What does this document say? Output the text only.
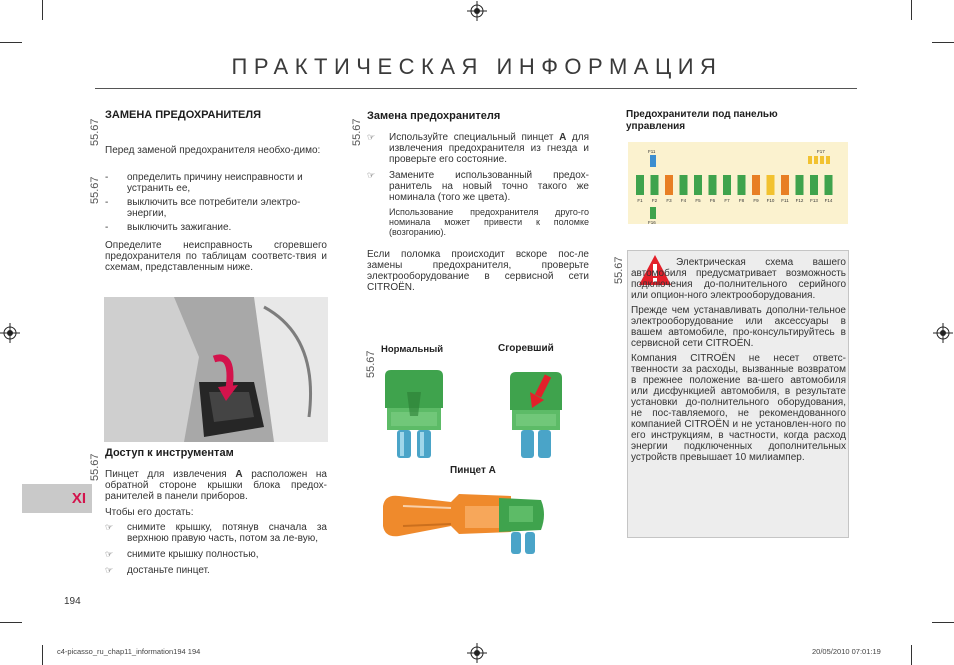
ПРАКТИЧЕСКАЯ ИНФОРМАЦИЯ
55.67
ЗАМЕНА ПРЕДОХРАНИТЕЛЯ
Перед заменой предохранителя необхо-димо:
55.67 - определить причину неисправности и устранить ее,
- выключить все потребители электро-энергии,
- выключить зажигание.
Определите неисправность сгоревшего предохранителя по таблицам соответс-твия и схемам, представленным ниже.
Доступ к инструментам
55.67 Пинцет для извлечения A расположен на обратной стороне крышки блока предох-ранителей в панели приборов.
Чтобы его достать:
☞ снимите крышку, потянув сначала за верхнюю правую часть, потом за ле-вую,
☞ снимите крышку полностью,
☞ достаньте пинцет.
XI
194
55.67
Замена предохранителя
☞ Используйте специальный пинцет A для извлечения предохранителя из гнезда и проверьте его состояние.
☞ Замените использованный предох-ранитель на новый точно такого же номинала (того же цвета).
Использование предохранителя друго-го номинала может привести к поломке (возгоранию).
Если поломка происходит вскоре пос-ле замены предохранителя, проверьте электрооборудование в сервисной сети CITROËN.
55.67
Нормальный	Сгоревший
Пинцет A
Предохранители под панелью управления
F1 F2 F3 F4 F5 F6 F7 F8 F9 F10 F11 F12 F13 F14
F11
F16
F17
Электрическая схема вашего автомобиля предусматривает возможность подключения до-полнительного серийного или опцион-ного электрооборудования.
Прежде чем устанавливать дополни-тельное электрооборудование или аксессуары в вашем автомобиле, про-консультируйтесь в сервисной сети CITROËN.
Компания CITROËN не несет ответс-твенности за расходы, вызванные возвратом в прежнее положение ва-шего автомобиля или дисфункцией автомобиля, в результате установки до-полнительного оборудования, не пос-тавляемого, не рекомендованного компанией CITROËN и не установлен-ного по его инструкциям, в частности, когда расход энергии подключенных дополнительных устройств превышает 10 милиампер.
55.67
c4-picasso_ru_chap11_information194 194	20/05/2010 07:01:19
